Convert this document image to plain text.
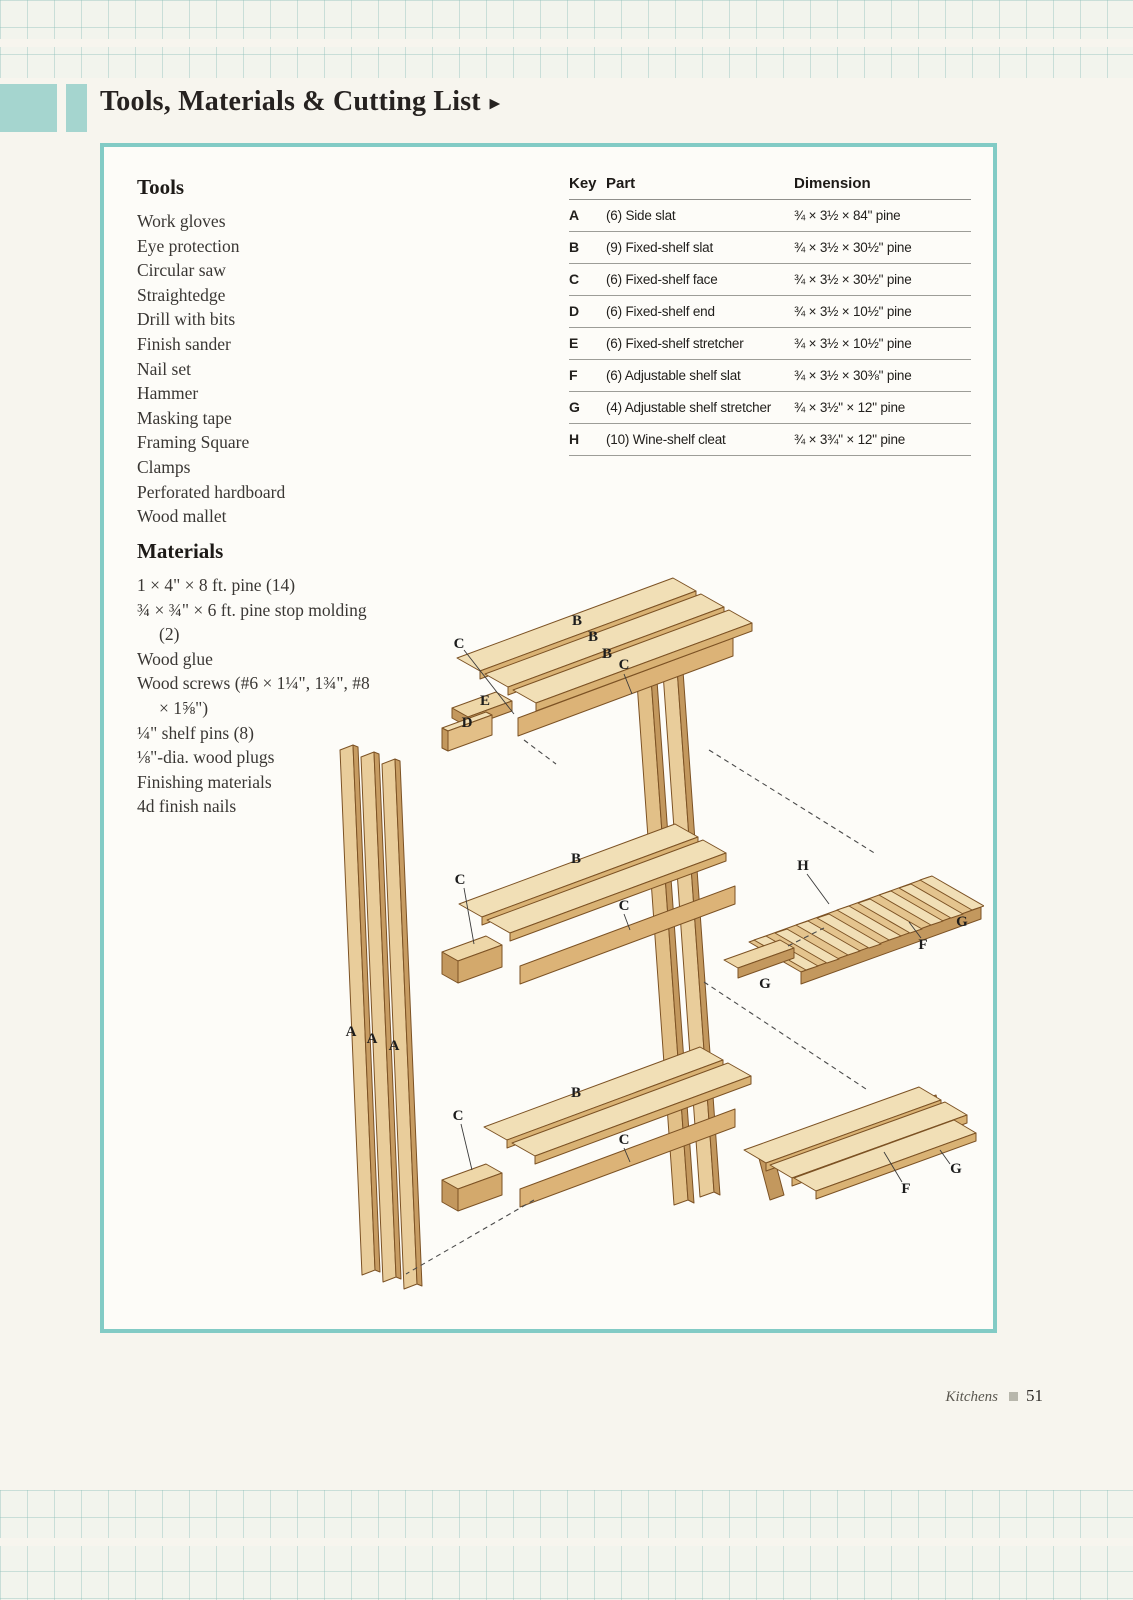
Tools, Materials & Cutting List ▸
Tools
Work gloves
Eye protection
Circular saw
Straightedge
Drill with bits
Finish sander
Nail set
Hammer
Masking tape
Framing Square
Clamps
Perforated hardboard
Wood mallet
Materials
1 × 4" × 8 ft. pine (14)
¾ × ¾" × 6 ft. pine stop molding (2)
Wood glue
Wood screws (#6 × 1¼", 1¾", #8 × 1⅝")
¼" shelf pins (8)
⅛"-dia. wood plugs
Finishing materials
4d finish nails
Key	Part	Dimension
A	(6) Side slat	¾ × 3½ × 84" pine
B	(9) Fixed-shelf slat	¾ × 3½ × 30½" pine
C	(6) Fixed-shelf face	¾ × 3½ × 30½" pine
D	(6) Fixed-shelf end	¾ × 3½ × 10½" pine
E	(6) Fixed-shelf stretcher	¾ × 3½ × 10½" pine
F	(6) Adjustable shelf slat	¾ × 3½ × 30⅜" pine
G	(4) Adjustable shelf stretcher	¾ × 3½" × 12" pine
H	(10) Wine-shelf cleat	¾ × 3¾" × 12" pine
C
B
B
B
C
E
D
C
B
C
A A A
H
G
F
G
B
C
C
G
F
Kitchens 51
